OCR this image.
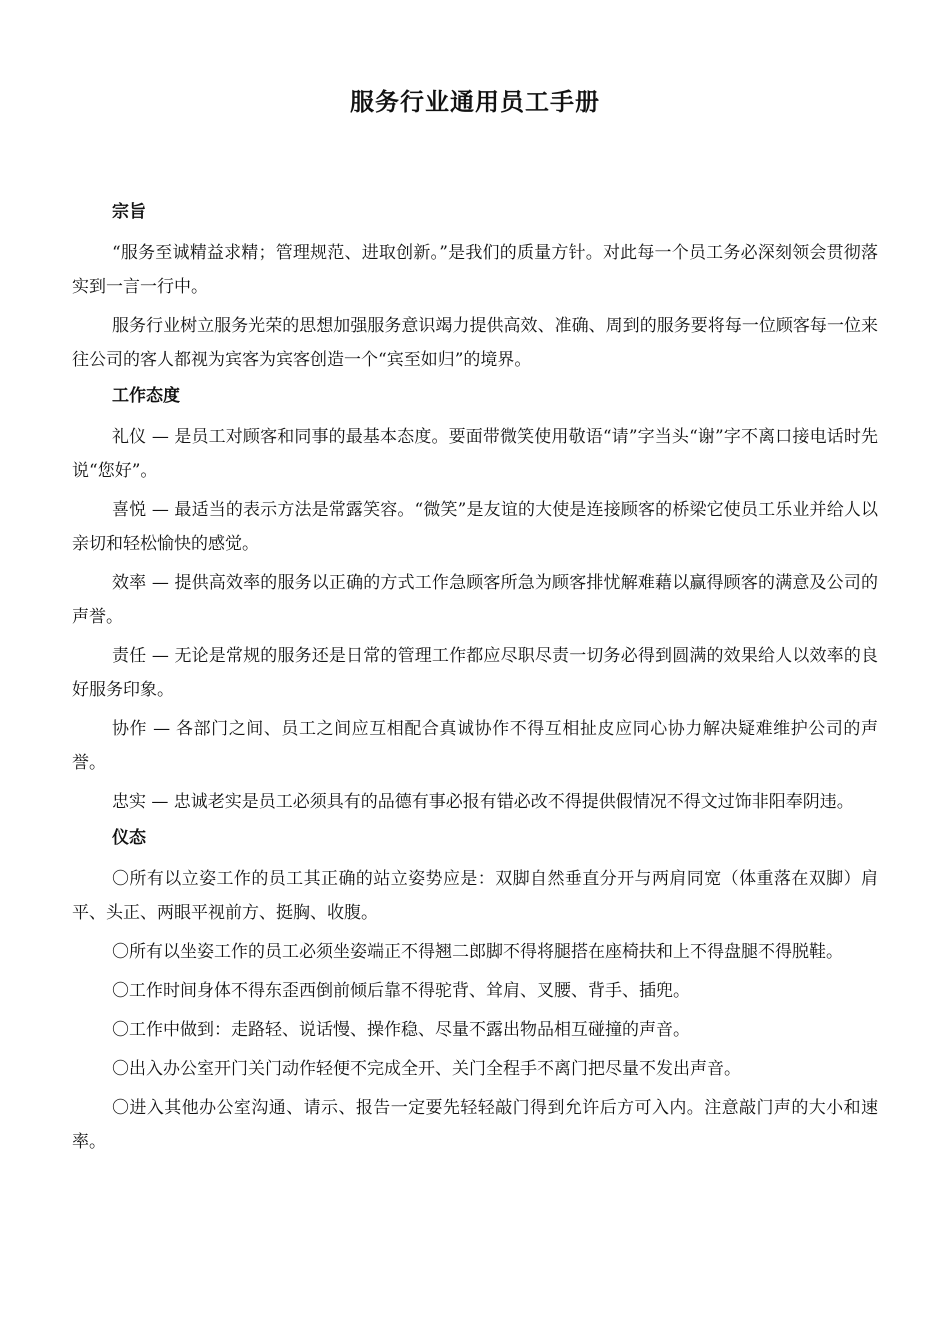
服务行业通用员工手册
宗旨

“服务至诚精益求精；管理规范、进取创新。”是我们的质量方针。对此每一个员工务必深刻领会贯彻落实到一言一行中。

服务行业树立服务光荣的思想加强服务意识竭力提供高效、准确、周到的服务要将每一位顾客每一位来往公司的客人都视为宾客为宾客创造一个“宾至如归”的境界。

工作态度

礼仪 — 是员工对顾客和同事的最基本态度。要面带微笑使用敬语“请”字当头“谢”字不离口接电话时先说“您好”。

喜悦 — 最适当的表示方法是常露笑容。“微笑”是友谊的大使是连接顾客的桥梁它使员工乐业并给人以亲切和轻松愉快的感觉。

效率 — 提供高效率的服务以正确的方式工作急顾客所急为顾客排忧解难藉以赢得顾客的满意及公司的声誉。

责任 — 无论是常规的服务还是日常的管理工作都应尽职尽责一切务必得到圆满的效果给人以效率的良好服务印象。

协作 — 各部门之间、员工之间应互相配合真诚协作不得互相扯皮应同心协力解决疑难维护公司的声誉。

忠实 — 忠诚老实是员工必须具有的品德有事必报有错必改不得提供假情况不得文过饰非阳奉阴违。

仪态

〇所有以立姿工作的员工其正确的站立姿势应是：双脚自然垂直分开与两肩同宽（体重落在双脚）肩平、头正、两眼平视前方、挺胸、收腹。

〇所有以坐姿工作的员工必须坐姿端正不得翘二郎脚不得将腿搭在座椅扶和上不得盘腿不得脱鞋。

〇工作时间身体不得东歪西倒前倾后靠不得驼背、耸肩、叉腰、背手、插兜。

〇工作中做到：走路轻、说话慢、操作稳、尽量不露出物品相互碰撞的声音。

〇出入办公室开门关门动作轻便不完成全开、关门全程手不离门把尽量不发出声音。

〇进入其他办公室沟通、请示、报告一定要先轻轻敲门得到允许后方可入内。注意敲门声的大小和速率。
